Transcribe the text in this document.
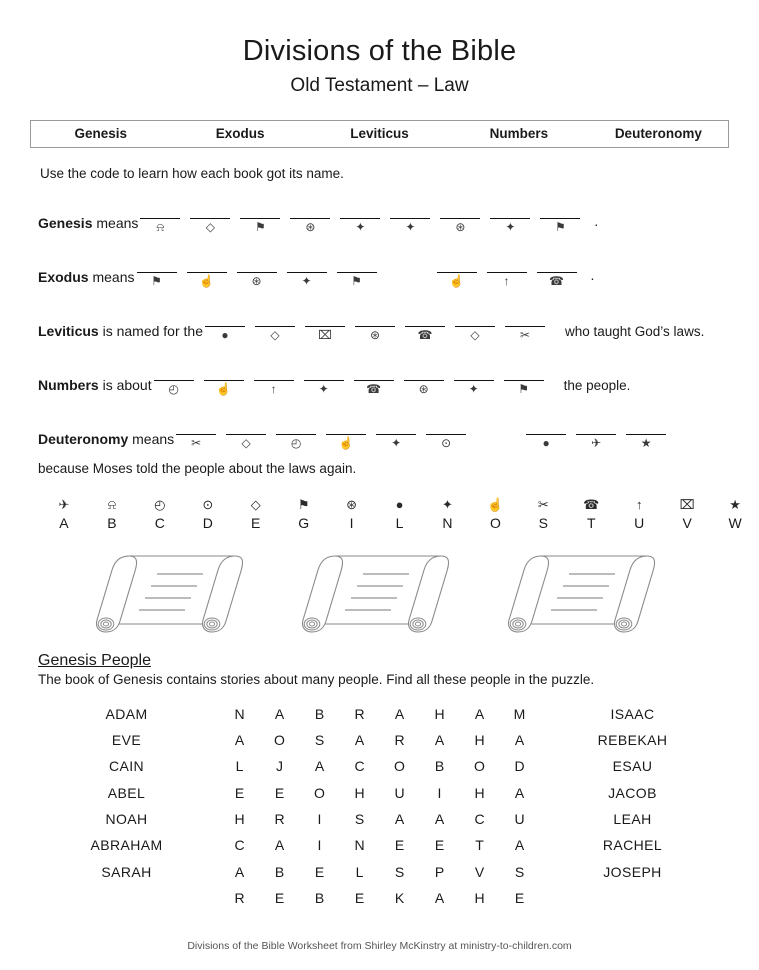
Divisions of the Bible
Old Testament – Law
Genesis	Exodus	Leviticus	Numbers	Deuteronomy
Use the code to learn how each book got its name.
Genesis means ⍾	◇	⚑	⊛	✦	✦	⊛	✦	⚑ .
Exodus means ⚑	☝	⊛	✦	⚑	☝	↑	☎ .
Leviticus is named for the ●	◇	⌧	⊛	☎	◇	✂	who taught God’s laws.
Numbers is about ◴	☝	↑	✦	☎	⊛	✦	⚑	the people.
Deuteronomy means ✂	◇	◴	☝	✦	⊙	●	✈	★
because Moses told the people about the laws again.
✈
A
⍾
B
◴
C
⊙
D
◇
E
⚑
G
⊛
I
●
L
✦
N
☝
O
✂
S
☎
T
↑
U
⌧
V
★
W
Genesis People
The book of Genesis contains stories about many people. Find all these people in the puzzle.
ADAM
EVE
CAIN
ABEL
NOAH
ABRAHAM
SARAH
N	A	B	R	A	H	A	M
A	O	S	A	R	A	H	A
L	J	A	C	O	B	O	D
E	E	O	H	U	I	H	A
H	R	I	S	A	A	C	U
C	A	I	N	E	E	T	A
A	B	E	L	S	P	V	S
R	E	B	E	K	A	H	E
ISAAC
REBEKAH
ESAU
JACOB
LEAH
RACHEL
JOSEPH
Divisions of the Bible Worksheet from Shirley McKinstry at ministry-to-children.com
